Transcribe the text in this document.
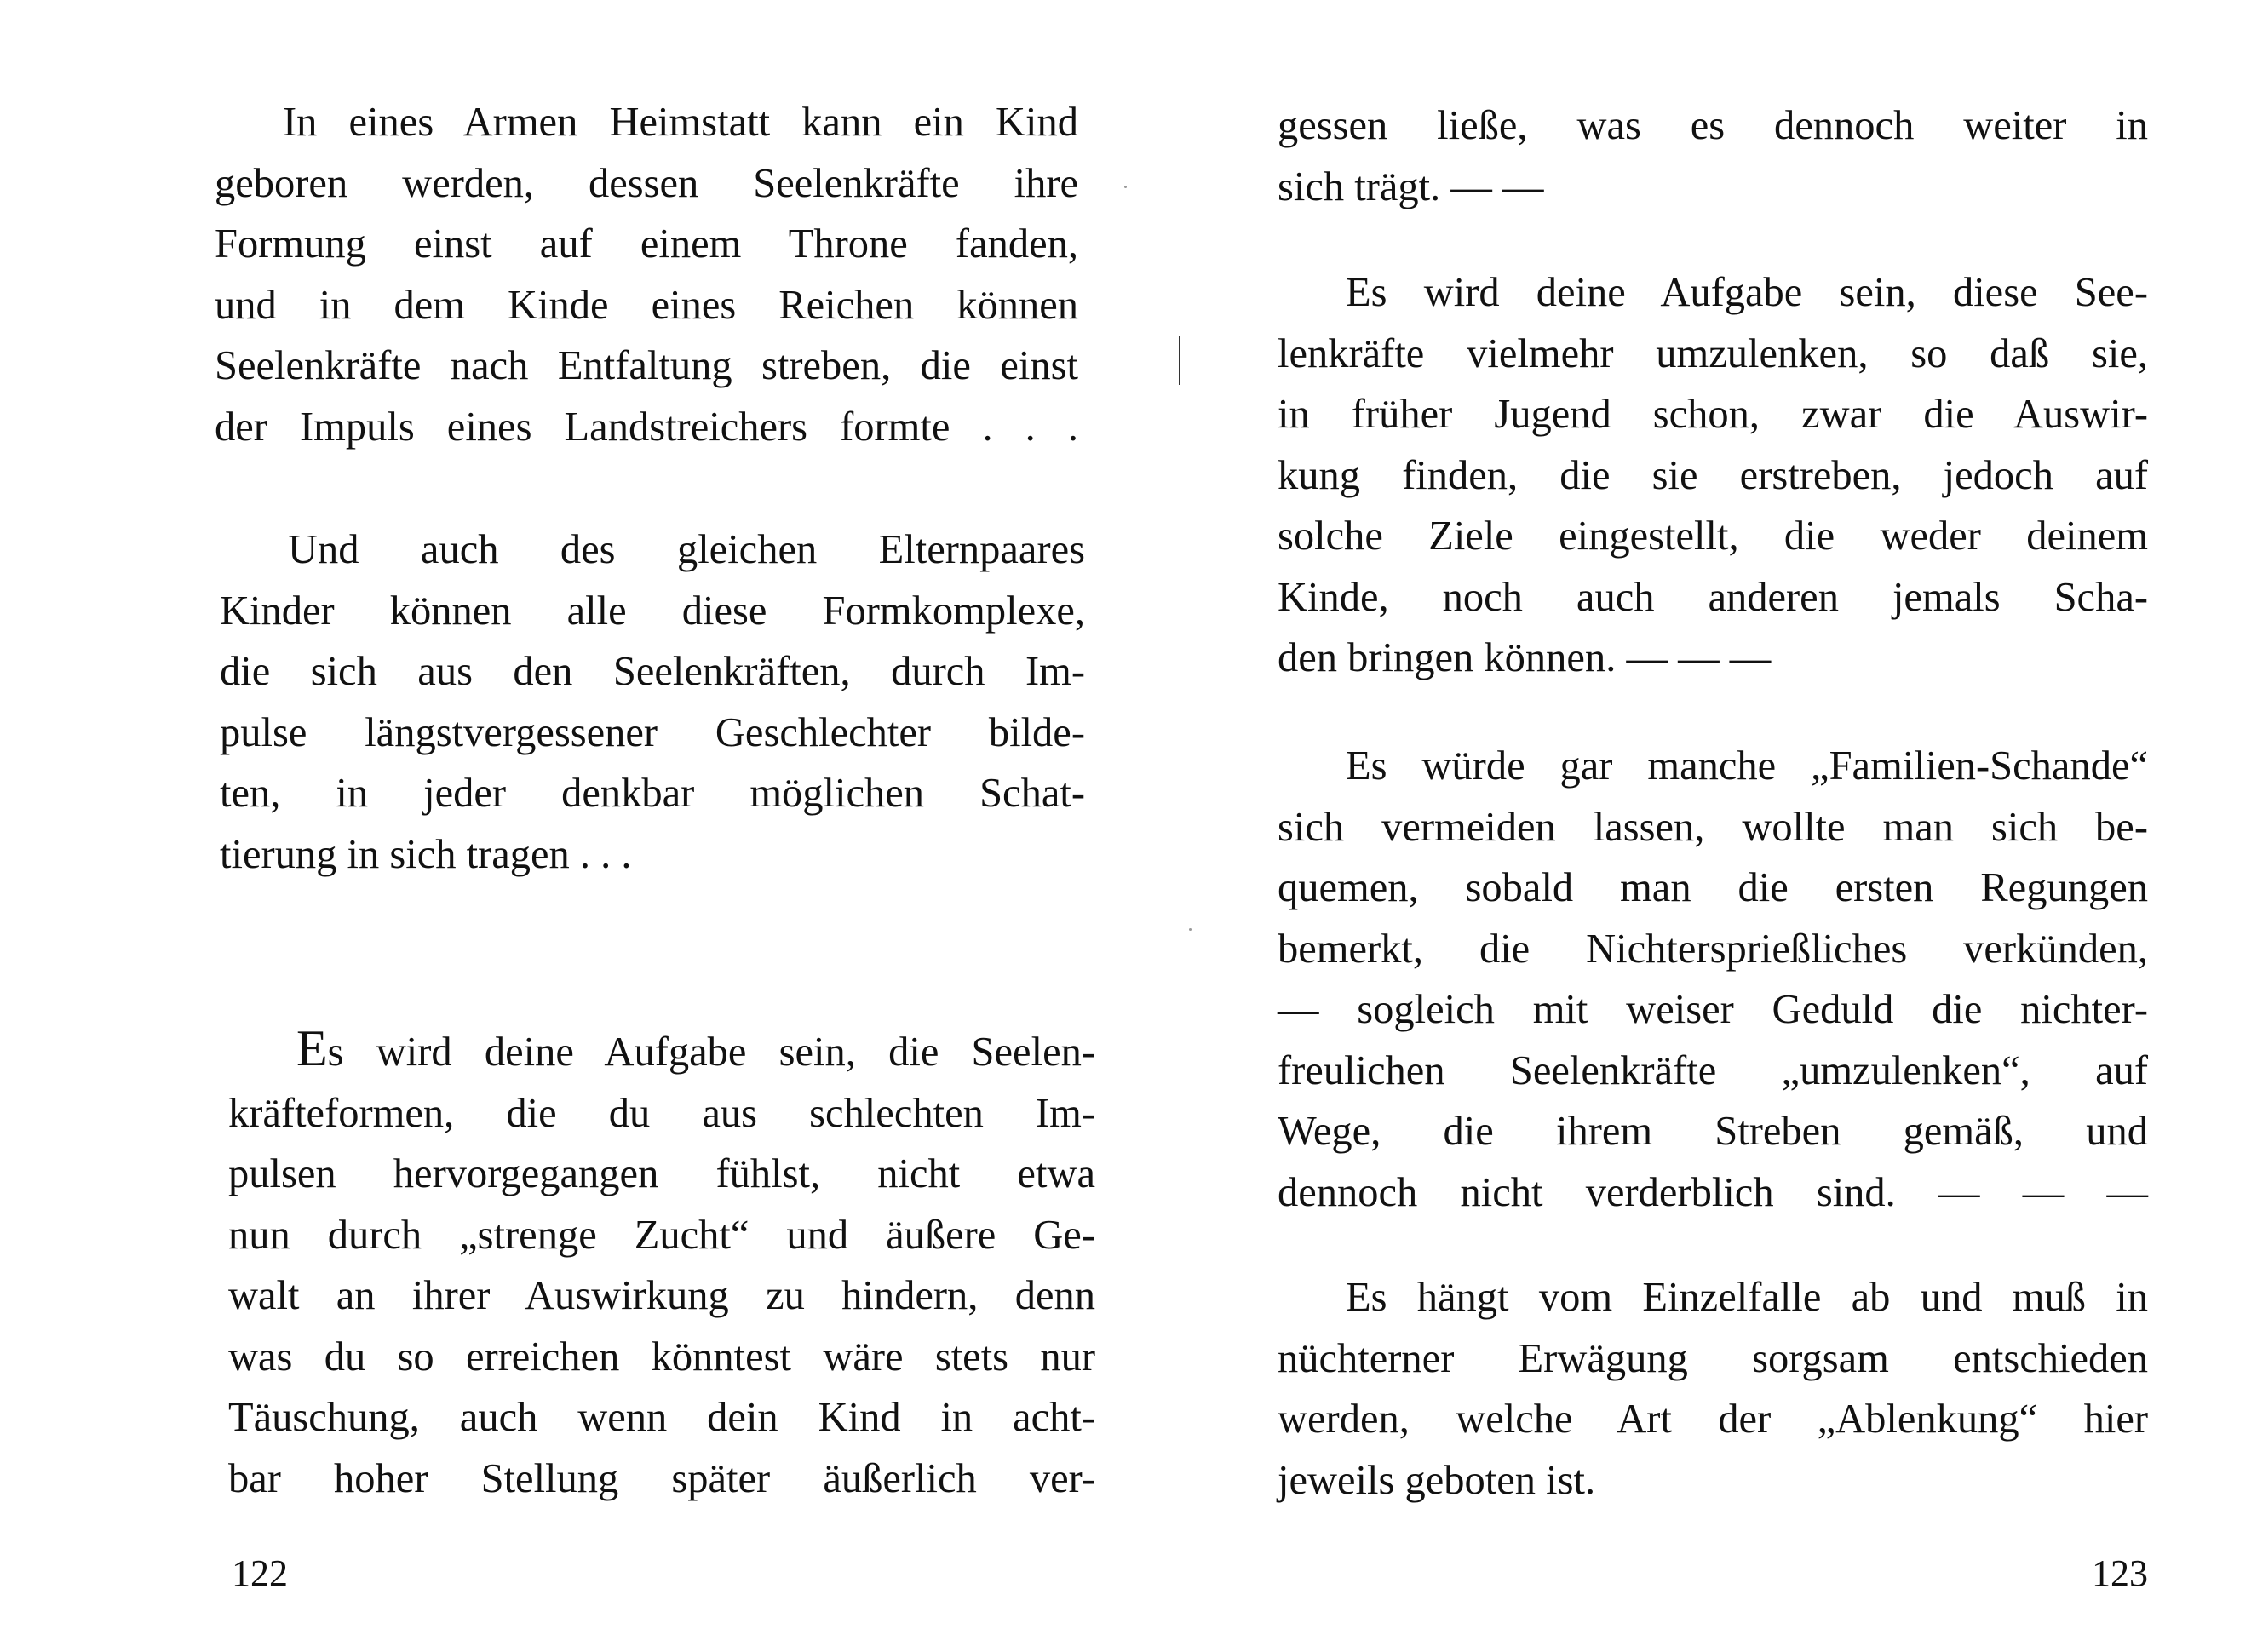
In eines Armen Heimstatt kann ein Kind
geboren werden, dessen Seelenkräfte ihre
Formung einst auf einem Throne fanden,
und in dem Kinde eines Reichen können
Seelenkräfte nach Entfaltung streben, die einst
der Impuls eines Landstreichers formte . . .
Und auch des gleichen Elternpaares
Kinder können alle diese Formkomplexe,
die sich aus den Seelenkräften, durch Im-
pulse längstvergessener Geschlechter bilde-
ten, in jeder denkbar möglichen Schat-
tierung in sich tragen . . .
Es wird deine Aufgabe sein, die Seelen-
kräfteformen, die du aus schlechten Im-
pulsen hervorgegangen fühlst, nicht etwa
nun durch „strenge Zucht“ und äußere Ge-
walt an ihrer Auswirkung zu hindern, denn
was du so erreichen könntest wäre stets nur
Täuschung, auch wenn dein Kind in acht-
bar hoher Stellung später äußerlich ver-
122
gessen ließe, was es dennoch weiter in
sich trägt. — —
Es wird deine Aufgabe sein, diese See-
lenkräfte vielmehr umzulenken, so daß sie,
in früher Jugend schon, zwar die Auswir-
kung finden, die sie erstreben, jedoch auf
solche Ziele eingestellt, die weder deinem
Kinde, noch auch anderen jemals Scha-
den bringen können. — — —
Es würde gar manche „Familien-Schande“
sich vermeiden lassen, wollte man sich be-
quemen, sobald man die ersten Regungen
bemerkt, die Nichtersprießliches verkünden,
— sogleich mit weiser Geduld die nichter-
freulichen Seelenkräfte „umzulenken“, auf
Wege, die ihrem Streben gemäß, und
dennoch nicht verderblich sind. — — —
Es hängt vom Einzelfalle ab und muß in
nüchterner Erwägung sorgsam entschieden
werden, welche Art der „Ablenkung“ hier
jeweils geboten ist.
123
